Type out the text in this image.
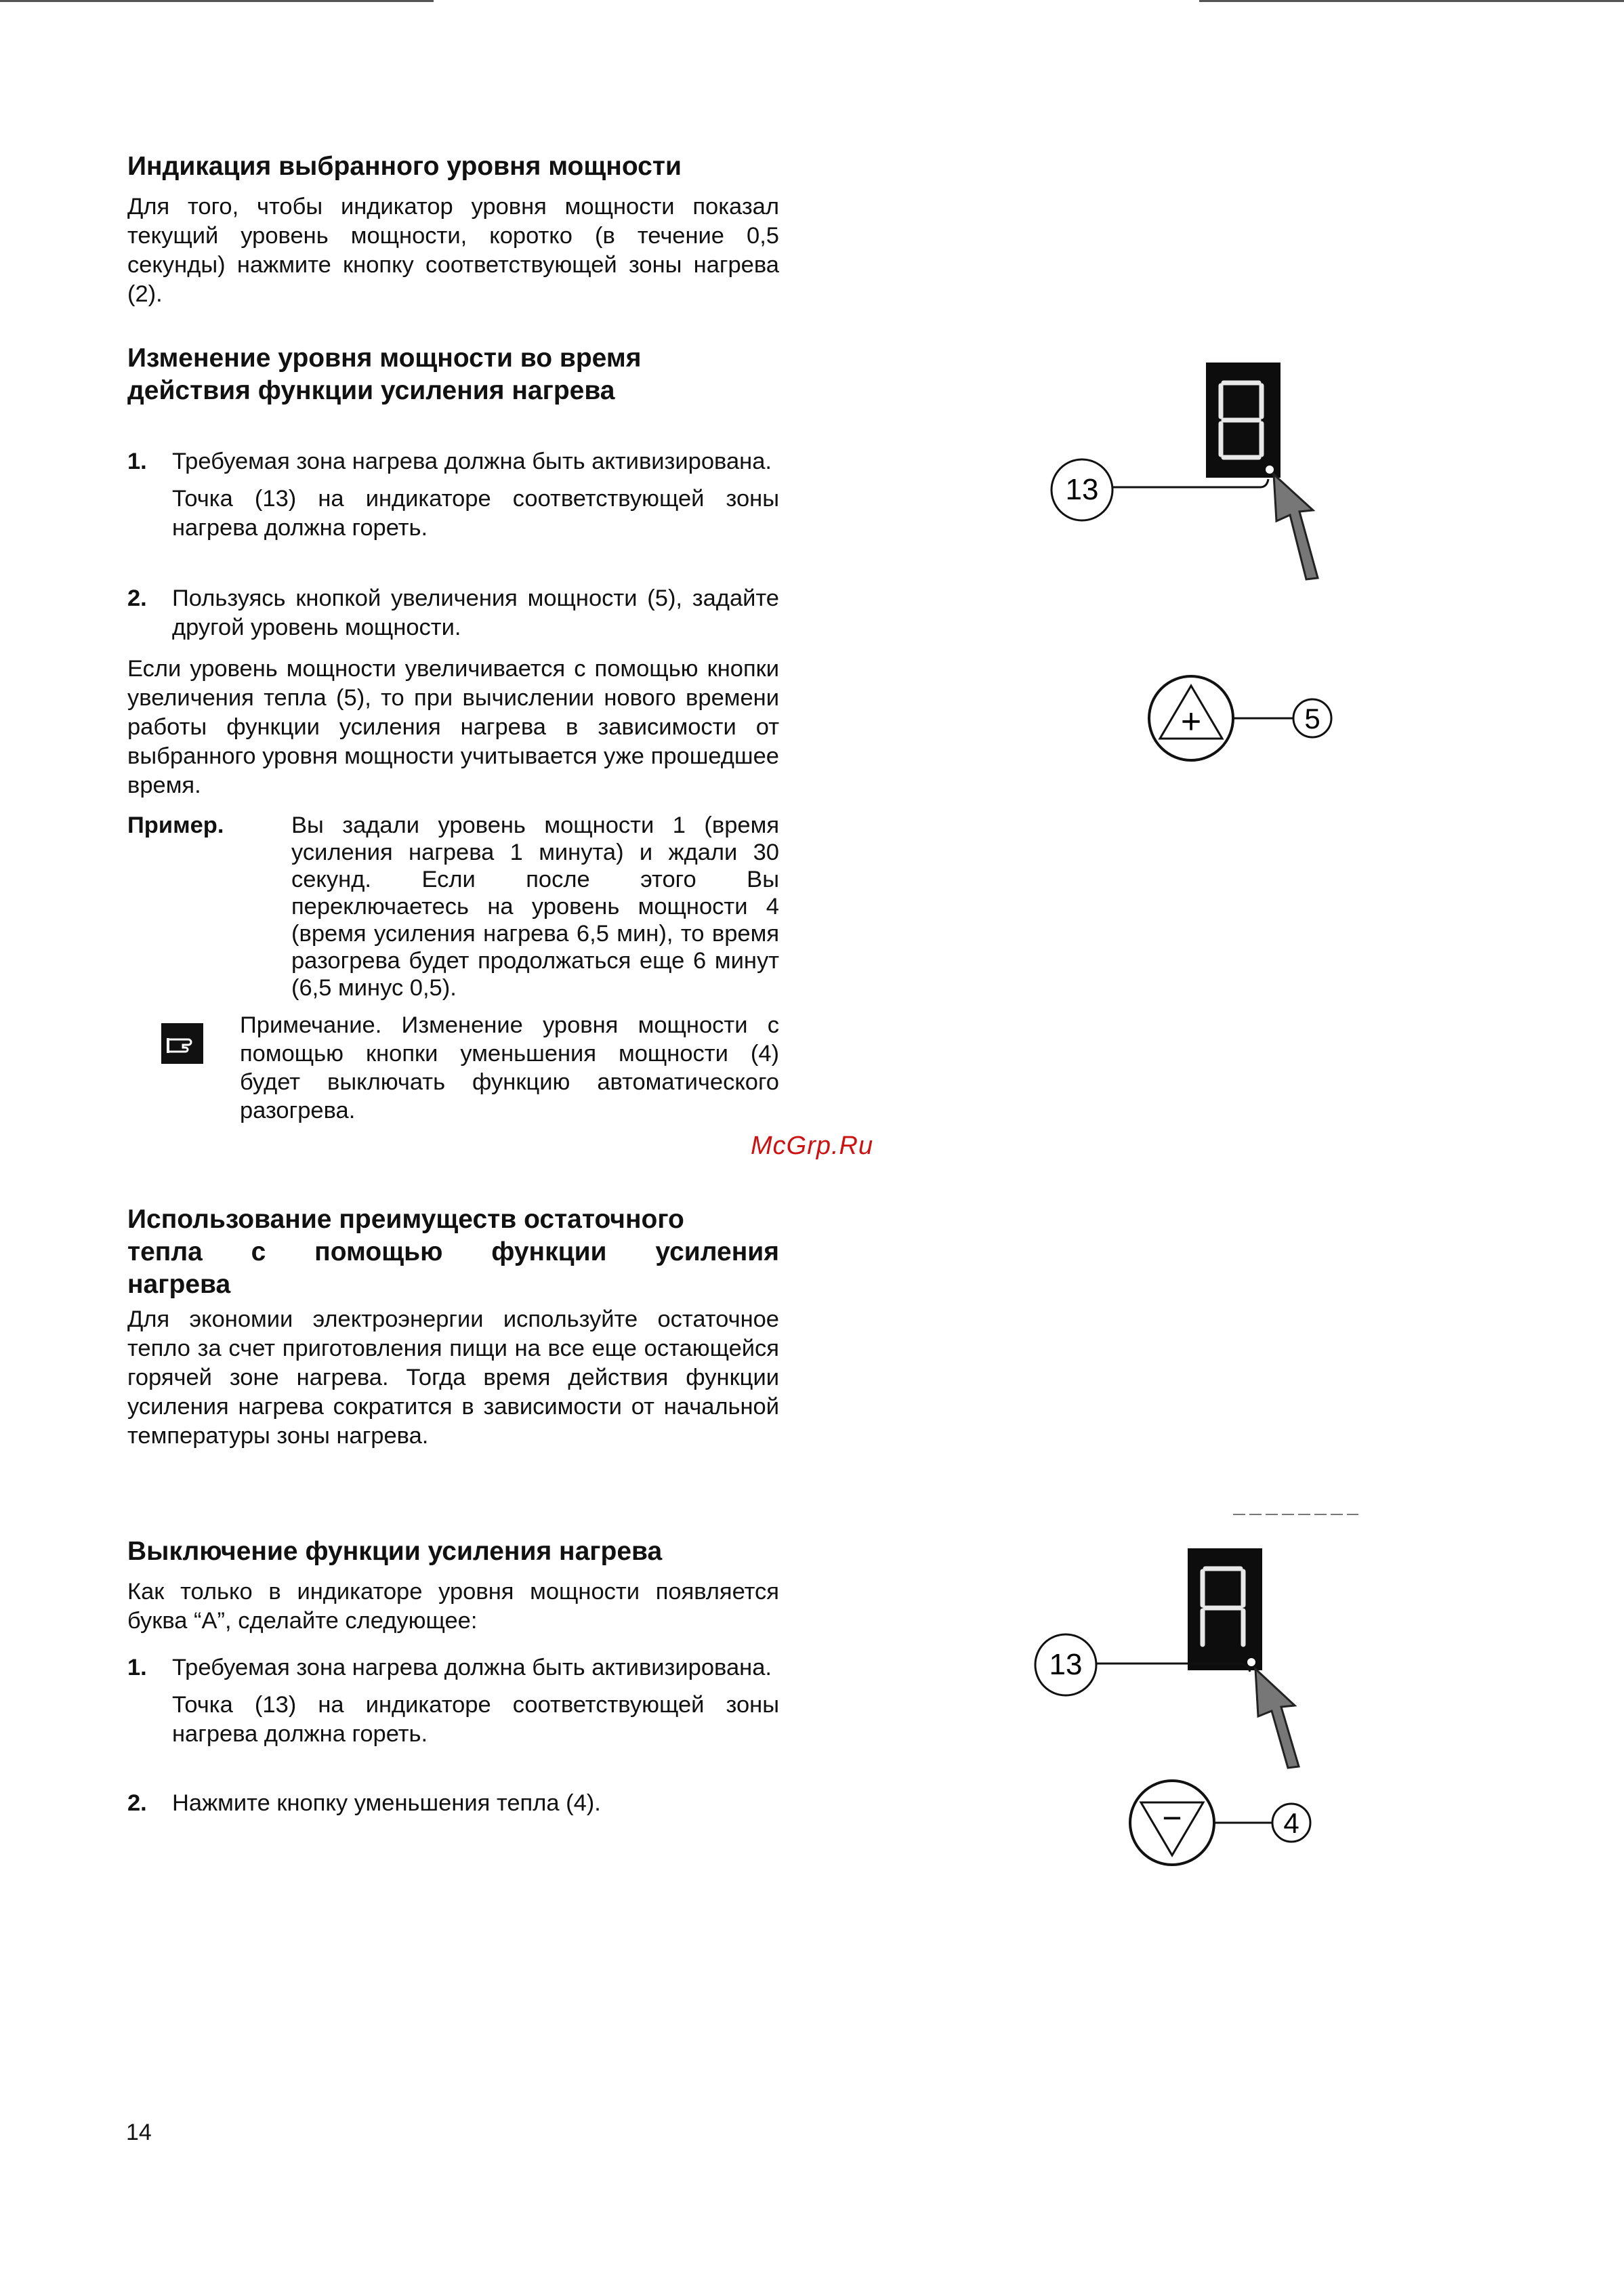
Индикация выбранного уровня мощности

Для того, чтобы индикатор уровня мощности показал текущий уровень мощности, коротко (в течение 0,5 секунды) нажмите кнопку соответствующей зоны нагрева (2).

Изменение уровня мощности во время
действия функции усиления нагрева
1. Требуемая зона нагрева должна быть активизирована.

Точка (13) на индикаторе соответствующей зоны нагрева должна гореть.

2. Пользуясь кнопкой увеличения мощности (5), задайте другой уровень мощности.

Если уровень мощности увеличивается с помощью кнопки увеличения тепла (5), то при вычислении нового времени работы функции усиления нагрева в зависимости от выбранного уровня мощности учитывается уже прошедшее время.

Пример.	Вы задали уровень мощности 1 (время усиления нагрева 1 минута) и ждали 30 секунд. Если после этого Вы переключаетесь на уровень мощности 4 (время усиления нагрева 6,5 мин), то время разогрева будет продолжаться еще 6 минут (6,5 минус 0,5).

Примечание. Изменение уровня мощности с помощью кнопки уменьшения мощности (4) будет выключать функцию автоматического разогрева.

McGrp.Ru
Использование преимуществ остаточного
тепла с помощью функции усиления
нагрева

Для экономии электроэнергии используйте остаточное тепло за счет приготовления пищи на все еще остающейся горячей зоне нагрева. Тогда время действия функции усиления нагрева сократится в зависимости от начальной температуры зоны нагрева.

Выключение функции усиления нагрева

Как только в индикаторе уровня мощности появляется буква “A”, сделайте следующее:

1. Требуемая зона нагрева должна быть активизирована.

Точка (13) на индикаторе соответствующей зоны нагрева должна гореть.

2. Нажмите кнопку уменьшения тепла (4).

13
+	5
13
−	4
14
